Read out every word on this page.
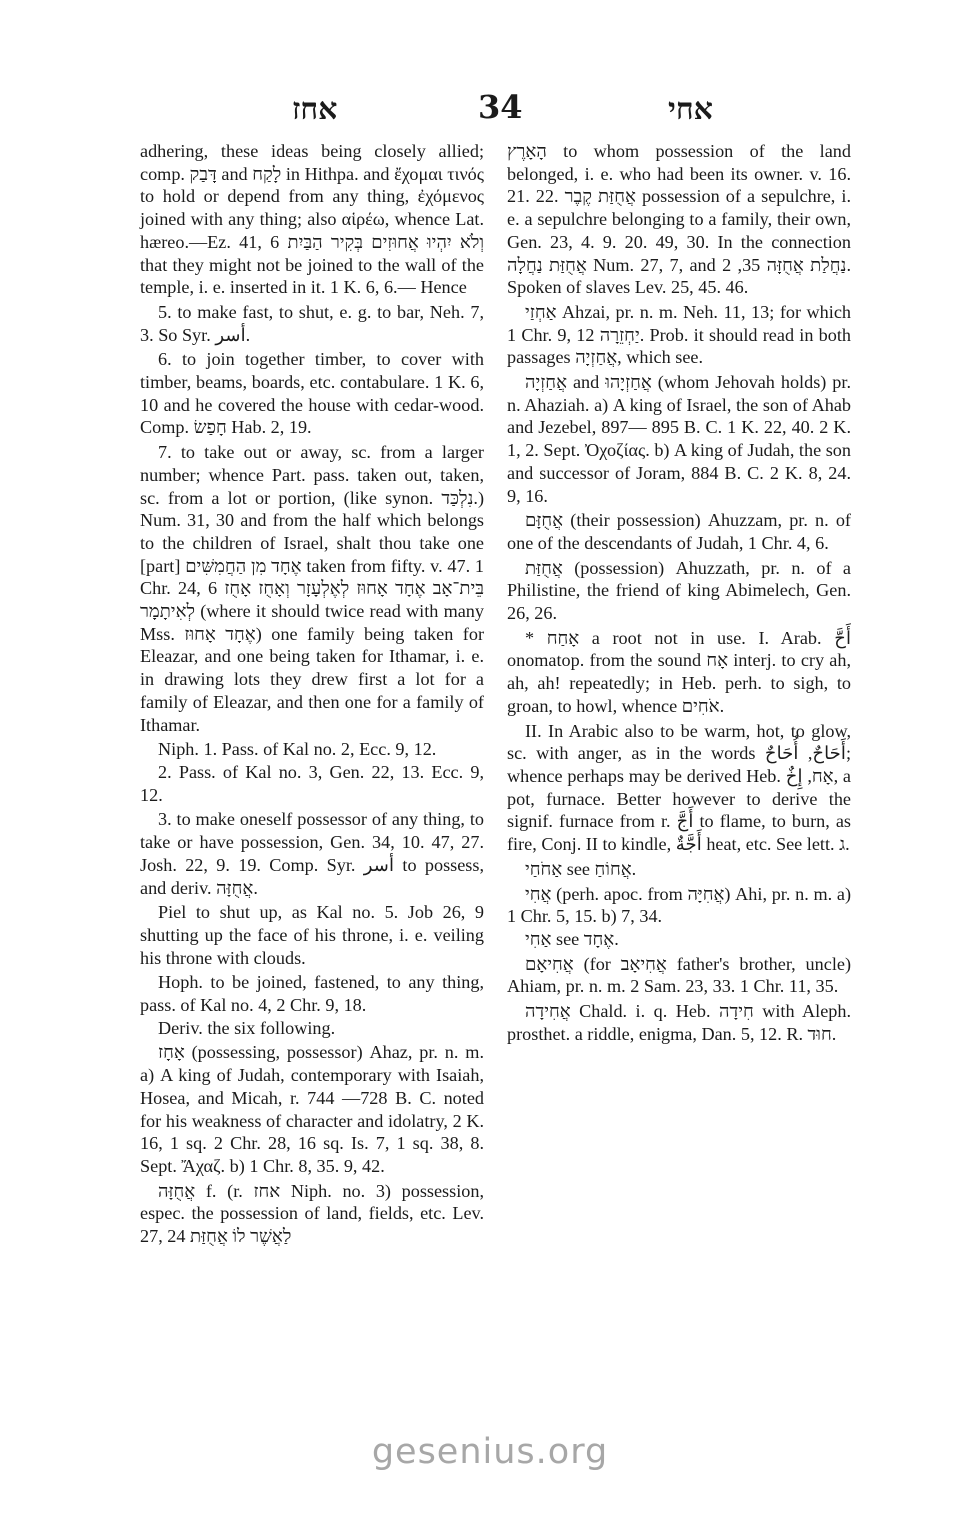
אחז	34	אחי

adhering, these ideas being closely allied; comp. דָּבַק and לָקַח in Hithpa. and ἔχομαι τινός to hold or depend from any thing, ἐχόμενος joined with any thing; also αἱρέω, whence Lat. hæreo.—Ez. 41, 6 וְלֹא יִהְיוּ אֲחוּזִים בְּקִיר הַבַּיִת that they might not be joined to the wall of the temple, i. e. inserted in it. 1 K. 6, 6.— Hence

5. to make fast, to shut, e. g. to bar, Neh. 7, 3. So Syr. أسر.

6. to join together timber, to cover with timber, beams, boards, etc. contabulare. 1 K. 6, 10 and he covered the house with cedar-wood. Comp. חָפַשׂ Hab. 2, 19.

7. to take out or away, sc. from a larger number; whence Part. pass. taken out, taken, sc. from a lot or portion, (like synon. נִלְכַּד.) Num. 31, 30 and from the half which belongs to the children of Israel, shalt thou take one [part] אֶחָד מִן הַחֲמִשִּׁים taken from fifty. v. 47. 1 Chr. 24, 6 בֵּית־אָב אֶחָד אָחוּז לְאֶלְעָזָר וְאָחֻז אָחֻז לְאִיתָמָר (where it should twice read with many Mss. אֶחָד אָחוּז) one family being taken for Eleazar, and one being taken for Ithamar, i. e. in drawing lots they drew first a lot for a family of Eleazar, and then one for a family of Ithamar.

Niph. 1. Pass. of Kal no. 2, Ecc. 9, 12.

2. Pass. of Kal no. 3, Gen. 22, 13. Ecc. 9, 12.

3. to make oneself possessor of any thing, to take or have possession, Gen. 34, 10. 47, 27. Josh. 22, 9. 19. Comp. Syr. أسر to possess, and deriv. אֲחֻזָּה.

Piel to shut up, as Kal no. 5. Job 26, 9 shutting up the face of his throne, i. e. veiling his throne with clouds.

Hoph. to be joined, fastened, to any thing, pass. of Kal no. 4, 2 Chr. 9, 18.

Deriv. the six following.

אָחָז (possessing, possessor) Ahaz, pr. n. m. a) A king of Judah, contemporary with Isaiah, Hosea, and Micah, r. 744 —728 B. C. noted for his weakness of character and idolatry, 2 K. 16, 1 sq. 2 Chr. 28, 16 sq. Is. 7, 1 sq. 38, 8. Sept. Ἄχαζ. b) 1 Chr. 8, 35. 9, 42.

אֲחֻזָּה f. (r. אחז Niph. no. 3) possession, espec. the possession of land, fields, etc. Lev. 27, 24 לַאֲשֶׁר לוֹ אֲחֻזַּת

הָאָרֶץ to whom possession of the land belonged, i. e. who had been its owner. v. 16. 21. 22. אֲחֻזַּת קֶבֶר possession of a sepulchre, i. e. a sepulchre belonging to a family, their own, Gen. 23, 4. 9. 20. 49, 30. In the connection אֲחֻזַּת נַחֲלָה Num. 27, 7, and נַחֲלַת אֲחֻזָּה 35, 2. Spoken of slaves Lev. 25, 45. 46.

אַחְזַי Ahzai, pr. n. m. Neh. 11, 13; for which 1 Chr. 9, 12 יַחְזֵרָה. Prob. it should read in both passages אֲחַזְיָה, which see.

אֲחַזְיָה and אֲחַזְיָהוּ (whom Jehovah holds) pr. n. Ahaziah. a) A king of Israel, the son of Ahab and Jezebel, 897— 895 B. C. 1 K. 22, 40. 2 K. 1, 2. Sept. Ὀχοζίας. b) A king of Judah, the son and successor of Joram, 884 B. C. 2 K. 8, 24. 9, 16.

אֲחֻזָּם (their possession) Ahuzzam, pr. n. of one of the descendants of Judah, 1 Chr. 4, 6.

אֲחֻזַּת (possession) Ahuzzath, pr. n. of a Philistine, the friend of king Abimelech, Gen. 26, 26.

* אָחַח a root not in use. I. Arab. أَحَّ onomatop. from the sound אָח interj. to cry ah, ah, ah! repeatedly; in Heb. perh. to sigh, to groan, to howl, whence אֹחִים.

II. In Arabic also to be warm, hot, to glow, sc. with anger, as in the words أَحَاحٌ, أُحَاحٌ; whence perhaps may be derived Heb. אָח, إِخٌ, a pot, furnace. Better however to derive the signif. furnace from r. أَجَّ to flame, to burn, as fire, Conj. II to kindle, أَجَّةٌ heat, etc. See lett. ג.

אַחֹחַי see אֲחוֹחַ.

אֲחִי (perh. apoc. from אֲחִיָּה) Ahi, pr. n. m. a) 1 Chr. 5, 15. b) 7, 34.

אַחִי see אֶחָד.

אֲחִיאָם (for אֲחִיאָב father's brother, uncle) Ahiam, pr. n. m. 2 Sam. 23, 33. 1 Chr. 11, 35.

אֲחִידָה Chald. i. q. Heb. חִידָה with Aleph. prosthet. a riddle, enigma, Dan. 5, 12. R. חוּד.

gesenius.org
